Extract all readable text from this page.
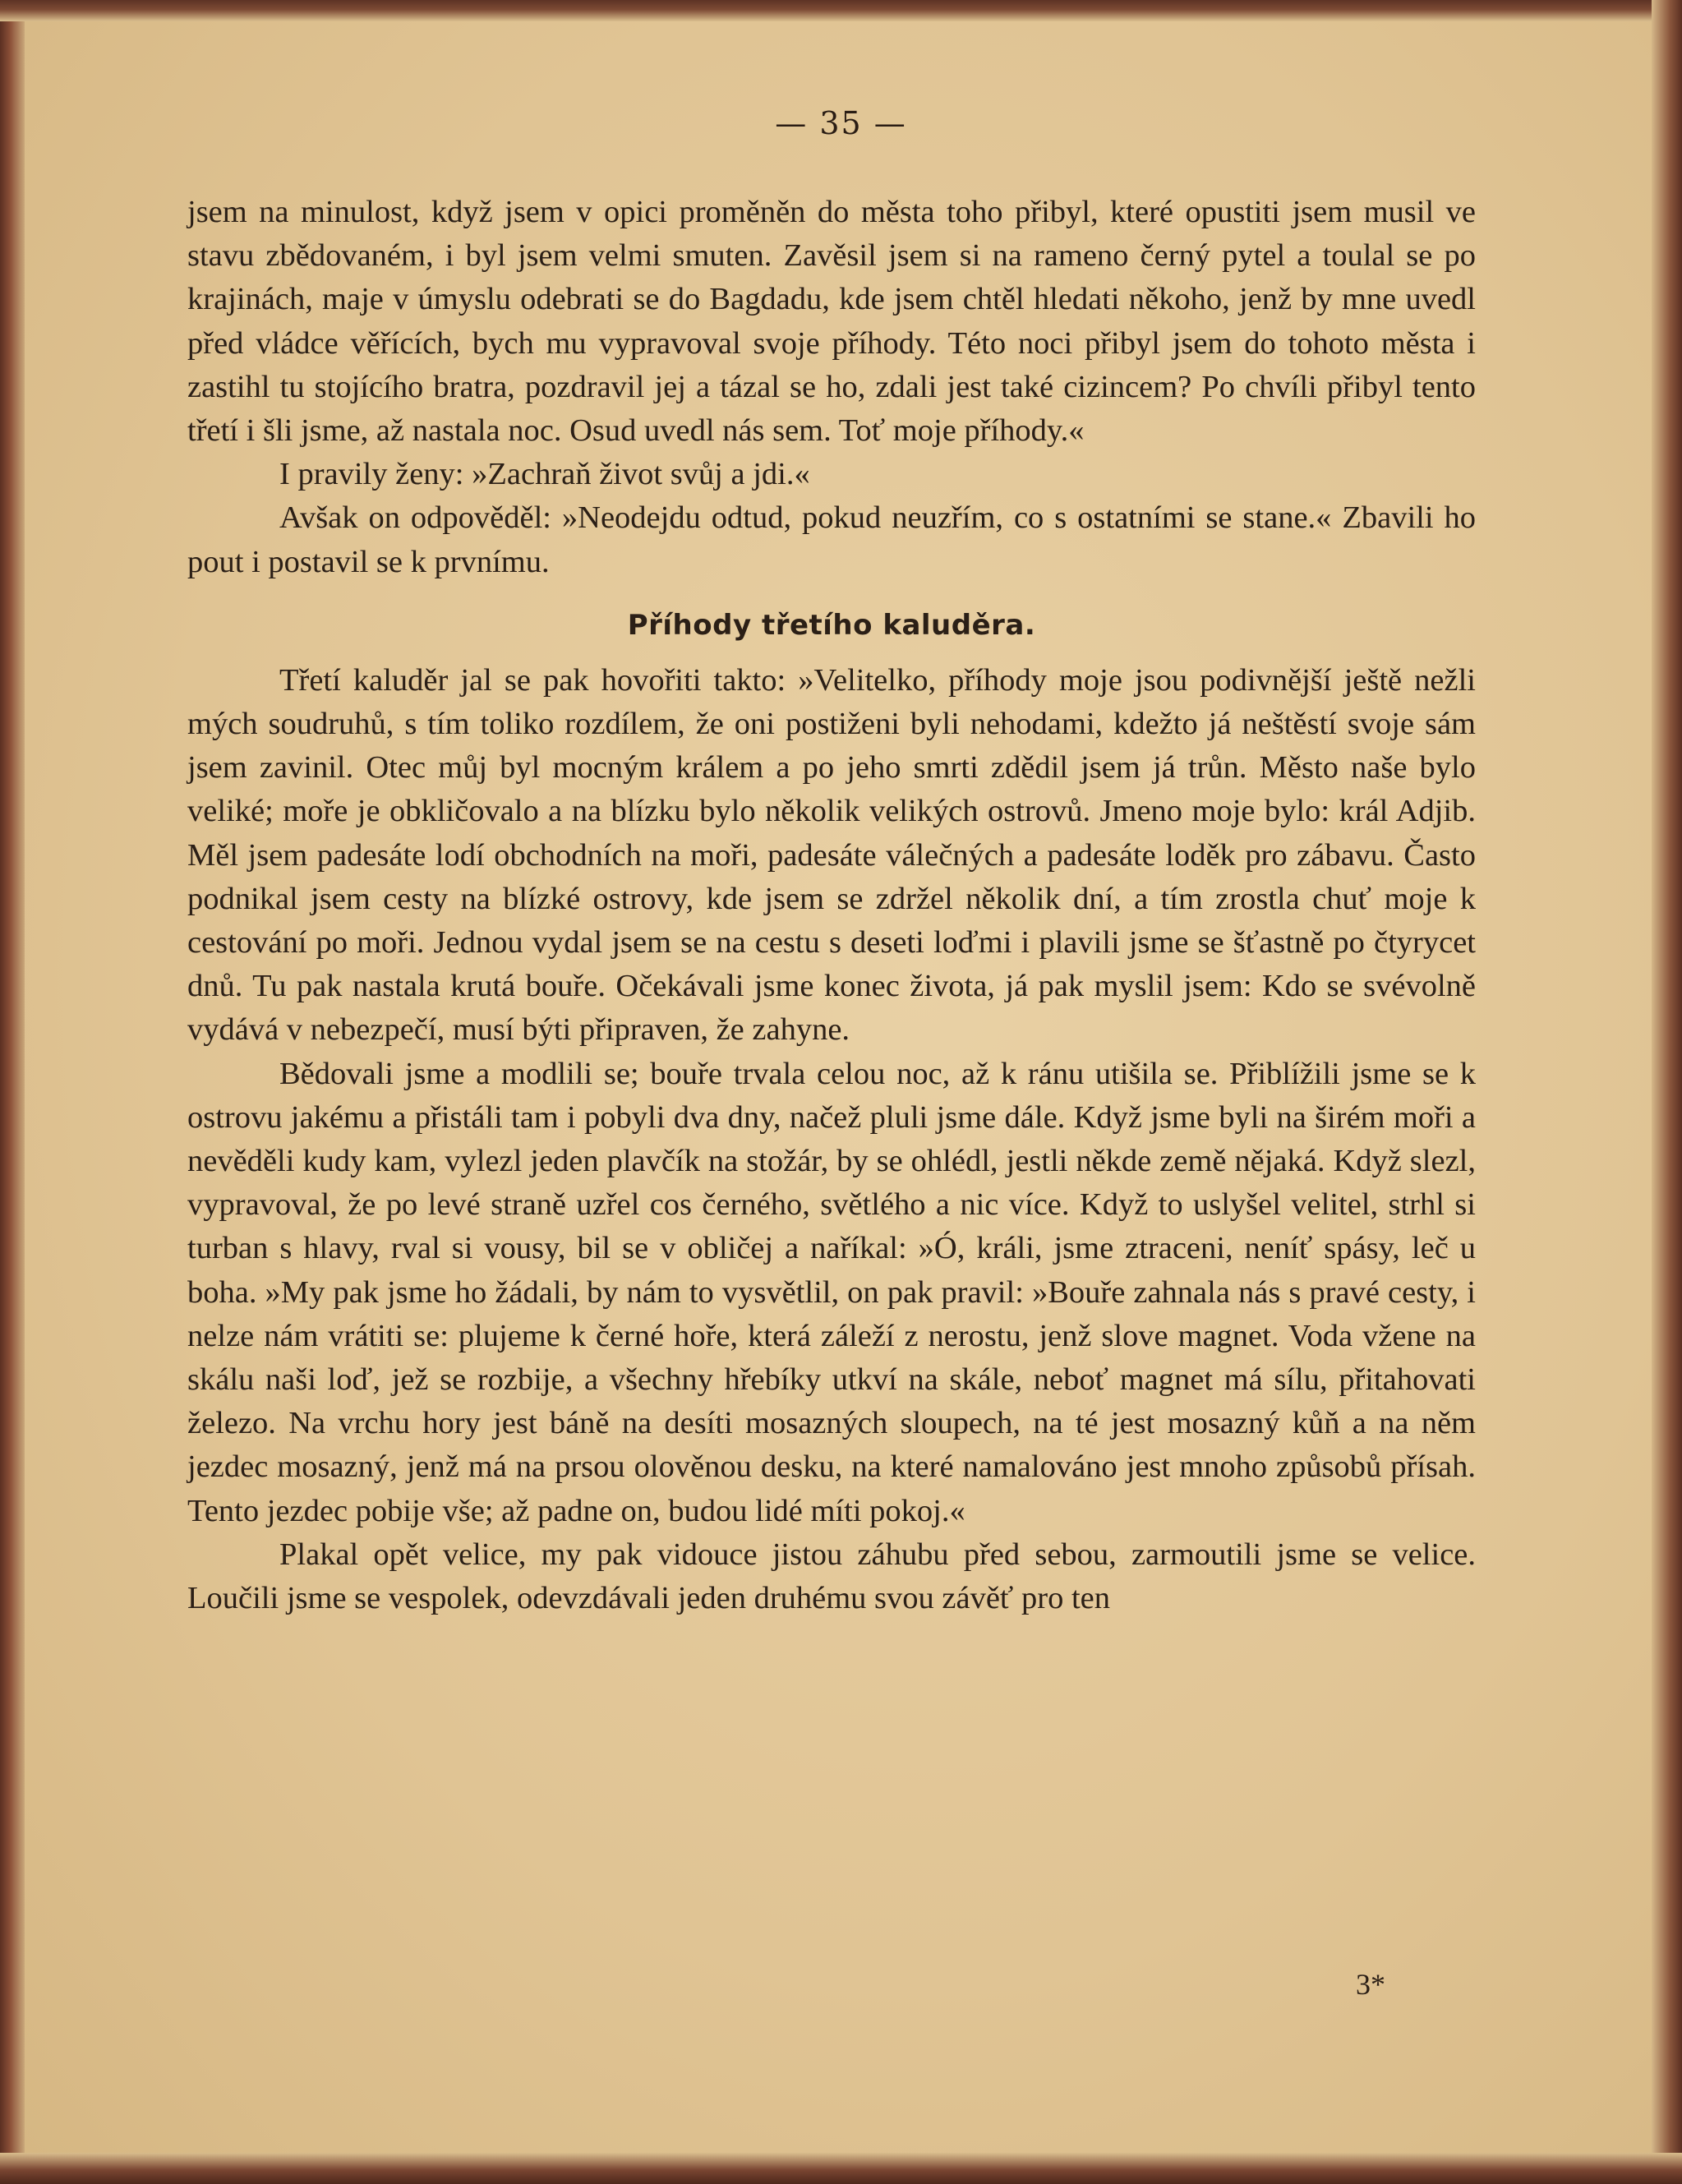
— 35 —

jsem na minulost, když jsem v opici proměněn do města toho přibyl, které opustiti jsem musil ve stavu zbědovaném, i byl jsem velmi smuten. Zavěsil jsem si na rameno černý pytel a toulal se po krajinách, maje v úmyslu odebrati se do Bagdadu, kde jsem chtěl hledati někoho, jenž by mne uvedl před vládce věřících, bych mu vypravoval svoje příhody. Této noci přibyl jsem do tohoto města i zastihl tu stojícího bratra, pozdravil jej a tázal se ho, zdali jest také cizincem? Po chvíli přibyl tento třetí i šli jsme, až nastala noc. Osud uvedl nás sem. Toť moje příhody.«

I pravily ženy: »Zachraň život svůj a jdi.«

Avšak on odpověděl: »Neodejdu odtud, pokud neuzřím, co s ostatními se stane.« Zbavili ho pout i postavil se k prvnímu.

Příhody třetího kaluděra.

Třetí kaluděr jal se pak hovořiti takto: »Velitelko, příhody moje jsou podivnější ještě nežli mých soudruhů, s tím toliko rozdílem, že oni postiženi byli nehodami, kdežto já neštěstí svoje sám jsem zavinil. Otec můj byl mocným králem a po jeho smrti zdědil jsem já trůn. Město naše bylo veliké; moře je obkličovalo a na blízku bylo několik velikých ostrovů. Jmeno moje bylo: král Adjib. Měl jsem padesáte lodí obchodních na moři, padesáte válečných a padesáte loděk pro zábavu. Často podnikal jsem cesty na blízké ostrovy, kde jsem se zdržel několik dní, a tím zrostla chuť moje k cestování po moři. Jednou vydal jsem se na cestu s deseti loďmi i plavili jsme se šťastně po čtyrycet dnů. Tu pak nastala krutá bouře. Očekávali jsme konec života, já pak myslil jsem: Kdo se svévolně vydává v nebezpečí, musí býti připraven, že zahyne.

Bědovali jsme a modlili se; bouře trvala celou noc, až k ránu utišila se. Přiblížili jsme se k ostrovu jakému a přistáli tam i pobyli dva dny, načež pluli jsme dále. Když jsme byli na širém moři a nevěděli kudy kam, vylezl jeden plavčík na stožár, by se ohlédl, jestli někde země nějaká. Když slezl, vypravoval, že po levé straně uzřel cos černého, světlého a nic více. Když to uslyšel velitel, strhl si turban s hlavy, rval si vousy, bil se v obličej a naříkal: »Ó, králi, jsme ztraceni, neníť spásy, leč u boha. »My pak jsme ho žádali, by nám to vysvětlil, on pak pravil: »Bouře zahnala nás s pravé cesty, i nelze nám vrátiti se: plujeme k černé hoře, která záleží z nerostu, jenž slove magnet. Voda vžene na skálu naši loď, jež se rozbije, a všechny hřebíky utkví na skále, neboť magnet má sílu, přitahovati železo. Na vrchu hory jest báně na desíti mosazných sloupech, na té jest mosazný kůň a na něm jezdec mosazný, jenž má na prsou olověnou desku, na které namalováno jest mnoho způsobů přísah. Tento jezdec pobije vše; až padne on, budou lidé míti pokoj.«

Plakal opět velice, my pak vidouce jistou záhubu před sebou, zarmoutili jsme se velice. Loučili jsme se vespolek, odevzdávali jeden druhému svou závěť pro ten

3*
